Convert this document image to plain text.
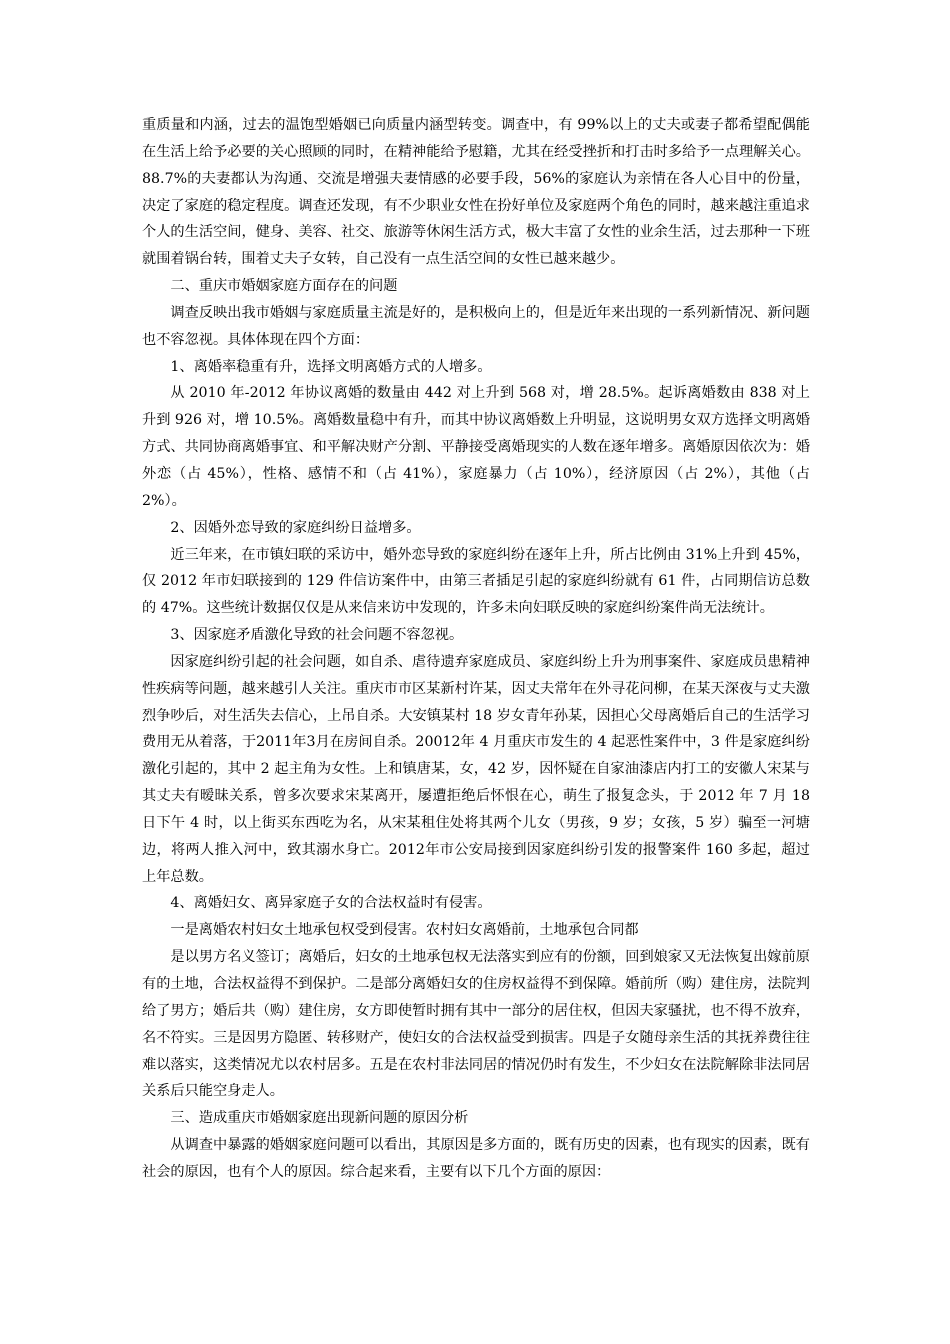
重质量和内涵，过去的温饱型婚姻已向质量内涵型转变。调查中，有 99%以上的丈夫或妻子都希望配偶能在生活上给予必要的关心照顾的同时，在精神能给予慰籍，尤其在经受挫折和打击时多给予一点理解关心。88.7%的夫妻都认为沟通、交流是增强夫妻情感的必要手段，56%的家庭认为亲情在各人心目中的份量，决定了家庭的稳定程度。调查还发现，有不少职业女性在扮好单位及家庭两个角色的同时，越来越注重追求个人的生活空间，健身、美容、社交、旅游等休闲生活方式，极大丰富了女性的业余生活，过去那种一下班就围着锅台转，围着丈夫子女转，自己没有一点生活空间的女性已越来越少。

二、重庆市婚姻家庭方面存在的问题

调查反映出我市婚姻与家庭质量主流是好的，是积极向上的，但是近年来出现的一系列新情况、新问题也不容忽视。具体体现在四个方面：

1、离婚率稳重有升，选择文明离婚方式的人增多。

从 2010 年-2012 年协议离婚的数量由 442 对上升到 568 对，增 28.5%。起诉离婚数由 838 对上升到 926 对，增 10.5%。离婚数量稳中有升，而其中协议离婚数上升明显，这说明男女双方选择文明离婚方式、共同协商离婚事宜、和平解决财产分割、平静接受离婚现实的人数在逐年增多。离婚原因依次为：婚外恋（占 45%），性格、感情不和（占 41%），家庭暴力（占 10%），经济原因（占 2%），其他（占 2%）。

2、因婚外恋导致的家庭纠纷日益增多。

近三年来，在市镇妇联的采访中，婚外恋导致的家庭纠纷在逐年上升，所占比例由 31%上升到 45%，仅 2012 年市妇联接到的 129 件信访案件中，由第三者插足引起的家庭纠纷就有 61 件，占同期信访总数的 47%。这些统计数据仅仅是从来信来访中发现的，许多未向妇联反映的家庭纠纷案件尚无法统计。

3、因家庭矛盾激化导致的社会问题不容忽视。

因家庭纠纷引起的社会问题，如自杀、虐待遗弃家庭成员、家庭纠纷上升为刑事案件、家庭成员患精神性疾病等问题，越来越引人关注。重庆市市区某新村许某，因丈夫常年在外寻花问柳，在某天深夜与丈夫激烈争吵后，对生活失去信心，上吊自杀。大安镇某村 18 岁女青年孙某，因担心父母离婚后自己的生活学习费用无从着落，于2011年3月在房间自杀。20012年 4 月重庆市发生的 4 起恶性案件中，3 件是家庭纠纷激化引起的，其中 2 起主角为女性。上和镇唐某，女，42 岁，因怀疑在自家油漆店内打工的安徽人宋某与其丈夫有暧昧关系，曾多次要求宋某离开，屡遭拒绝后怀恨在心，萌生了报复念头，于 2012 年 7 月 18 日下午 4 时，以上街买东西吃为名，从宋某租住处将其两个儿女（男孩，9 岁；女孩，5 岁）骗至一河塘边，将两人推入河中，致其溺水身亡。2012年市公安局接到因家庭纠纷引发的报警案件 160 多起，超过上年总数。

4、离婚妇女、离异家庭子女的合法权益时有侵害。

一是离婚农村妇女土地承包权受到侵害。农村妇女离婚前，土地承包合同都

是以男方名义签订；离婚后，妇女的土地承包权无法落实到应有的份额，回到娘家又无法恢复出嫁前原有的土地，合法权益得不到保护。二是部分离婚妇女的住房权益得不到保障。婚前所（购）建住房，法院判给了男方；婚后共（购）建住房，女方即使暂时拥有其中一部分的居住权，但因夫家骚扰，也不得不放弃，名不符实。三是因男方隐匿、转移财产，使妇女的合法权益受到损害。四是子女随母亲生活的其抚养费往往难以落实，这类情况尤以农村居多。五是在农村非法同居的情况仍时有发生，不少妇女在法院解除非法同居关系后只能空身走人。

三、造成重庆市婚姻家庭出现新问题的原因分析

从调查中暴露的婚姻家庭问题可以看出，其原因是多方面的，既有历史的因素，也有现实的因素，既有社会的原因，也有个人的原因。综合起来看，主要有以下几个方面的原因：
